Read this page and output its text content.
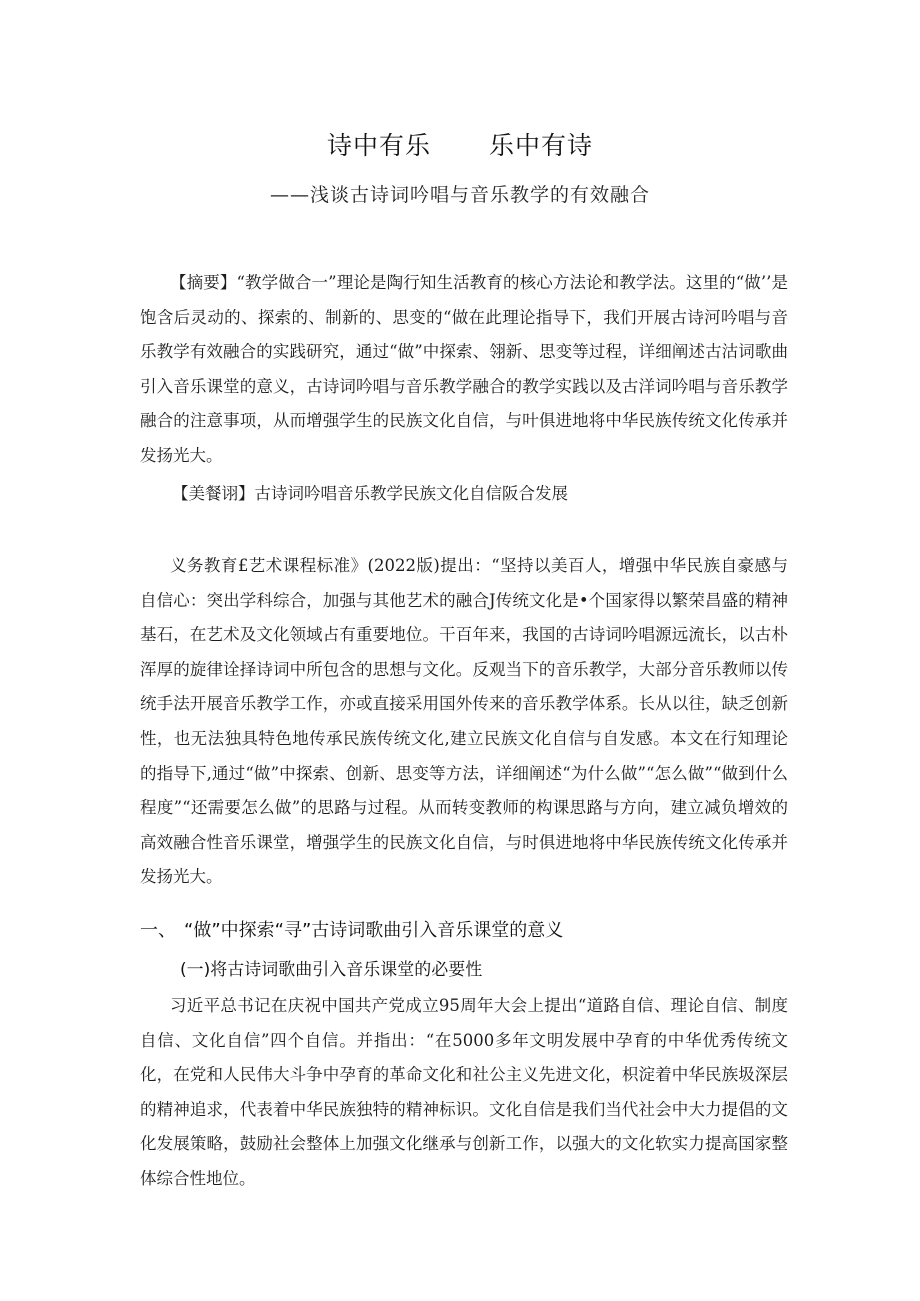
诗中有乐 乐中有诗
——浅谈古诗词吟唱与音乐教学的有效融合
【摘要】“教学做合一”理论是陶行知生活教育的核心方法论和教学法。这里的“做’’是饱含后灵动的、探索的、制新的、思变的“做在此理论指导下，我们开展古诗河吟唱与音乐教学有效融合的实践研究，通过“做”中探索、翎新、思变等过程，详细阐述古沽词歌曲引入音乐课堂的意义，古诗词吟唱与音乐教学融合的教学实践以及古洋词吟唱与音乐教学融合的注意事项，从而增强学生的民族文化自信，与叶俱进地将中华民族传统文化传承并发扬光大。
【美餐诩】古诗词吟唱音乐教学民族文化自信阪合发展
义务教育£艺术课程标准》(2022版)提出：“坚持以美百人，增强中华民族自豪感与自信心：突出学科综合，加强与其他艺术的融合J传统文化是•个国家得以繁荣昌盛的精神基石，在艺术及文化领域占有重要地位。干百年来，我国的古诗词吟唱源远流长，以古朴浑厚的旋律诠择诗词中所包含的思想与文化。反观当下的音乐教学，大部分音乐教师以传统手法开展音乐教学工作，亦或直接采用国外传来的音乐教学体系。长从以往，缺乏创新性，也无法独具特色地传承民族传统文化,建立民族文化自信与自发感。本文在行知理论的指导下,通过“做”中探索、创新、思变等方法，详细阐述“为什么做”“怎么做”“做到什么程度”“还需要怎么做”的思路与过程。从而转变教师的构课思路与方向，建立减负增效的高效融合性音乐课堂，增强学生的民族文化自信，与时俱进地将中华民族传统文化传承并发扬光大。
一、 “做”中探索“寻”古诗词歌曲引入音乐课堂的意义
(一)将古诗词歌曲引入音乐课堂的必要性
习近平总书记在庆祝中国共产党成立95周年大会上提出“道路自信、理论自信、制度自信、文化自信”四个自信。并指出：“在5000多年文明发展中孕育的中华优秀传统文化，在党和人民伟大斗争中孕育的革命文化和社公主义先进文化，枳淀着中华民族圾深层的精神追求，代表着中华民族独特的精神标识。文化自信是我们当代社会中大力提倡的文化发展策略，鼓励社会整体上加强文化继承与创新工作，以强大的文化软实力提高国家整体综合性地位。
